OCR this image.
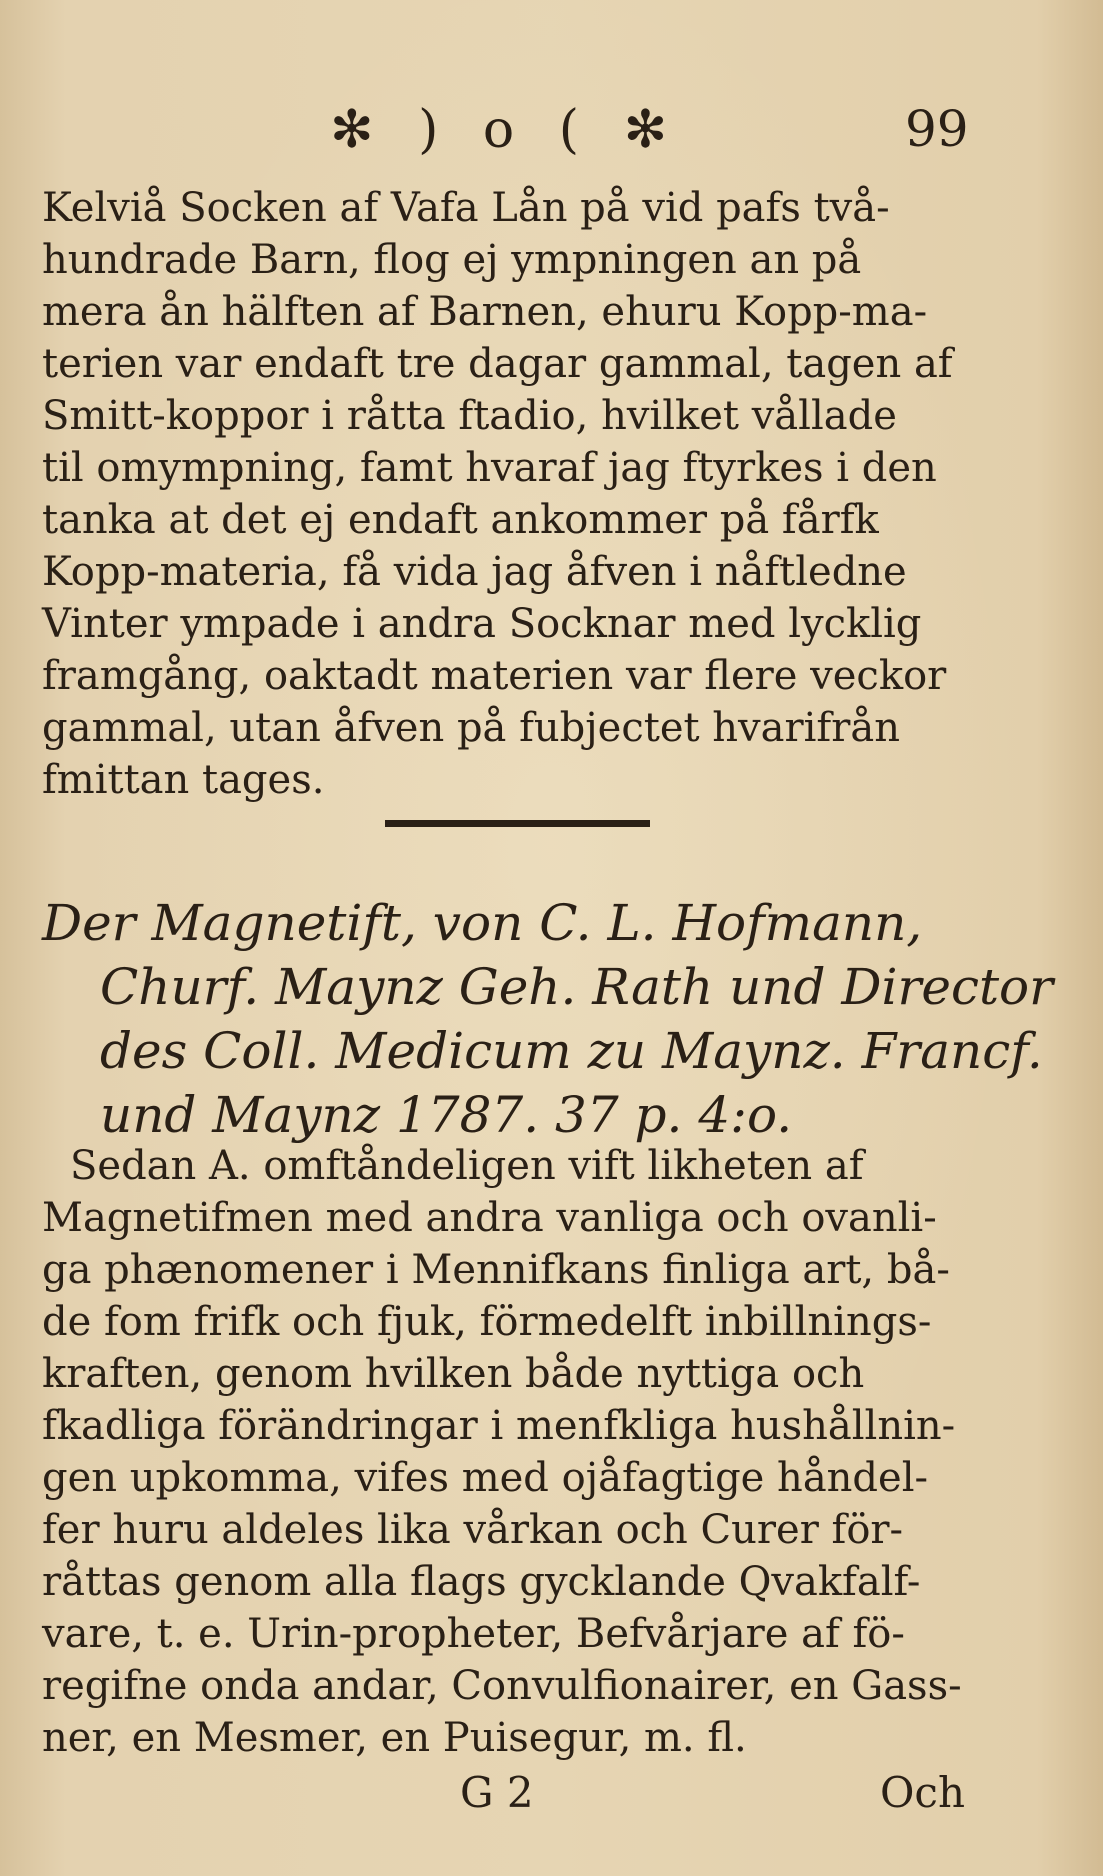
✻ ) o ( ✻	99
Kelviå Socken af Vafa Lån på vid pafs två-
hundrade Barn, flog ej ympningen an på
mera ån hälften af Barnen, ehuru Kopp-ma-
terien var endaft tre dagar gammal, tagen af
Smitt-koppor i råtta ftadio, hvilket vållade
til omympning, famt hvaraf jag ftyrkes i den
tanka at det ej endaft ankommer på fårfk
Kopp-materia, få vida jag åfven i nåftledne
Vinter ympade i andra Socknar med lycklig
framgång, oaktadt materien var flere veckor
gammal, utan åfven på fubjectet hvarifrån
fmittan tages.
Der Magnetift, von C. L. Hofmann,
Churf. Maynz Geh. Rath und Director
des Coll. Medicum zu Maynz. Francf.
und Maynz 1787. 37 p. 4:o.
Sedan A. omftåndeligen vift likheten af
Magnetifmen med andra vanliga och ovanli-
ga phænomener i Mennifkans finliga art, bå-
de fom frifk och fjuk, förmedelft inbillnings-
kraften, genom hvilken både nyttiga och
fkadliga förändringar i menfkliga hushållnin-
gen upkomma, vifes med ojåfagtige håndel-
fer huru aldeles lika vårkan och Curer för-
råttas genom alla flags gycklande Qvakfalf-
vare, t. e. Urin-propheter, Befvårjare af fö-
regifne onda andar, Convulfionairer, en Gass-
ner, en Mesmer, en Puisegur, m. fl.
G 2	Och
